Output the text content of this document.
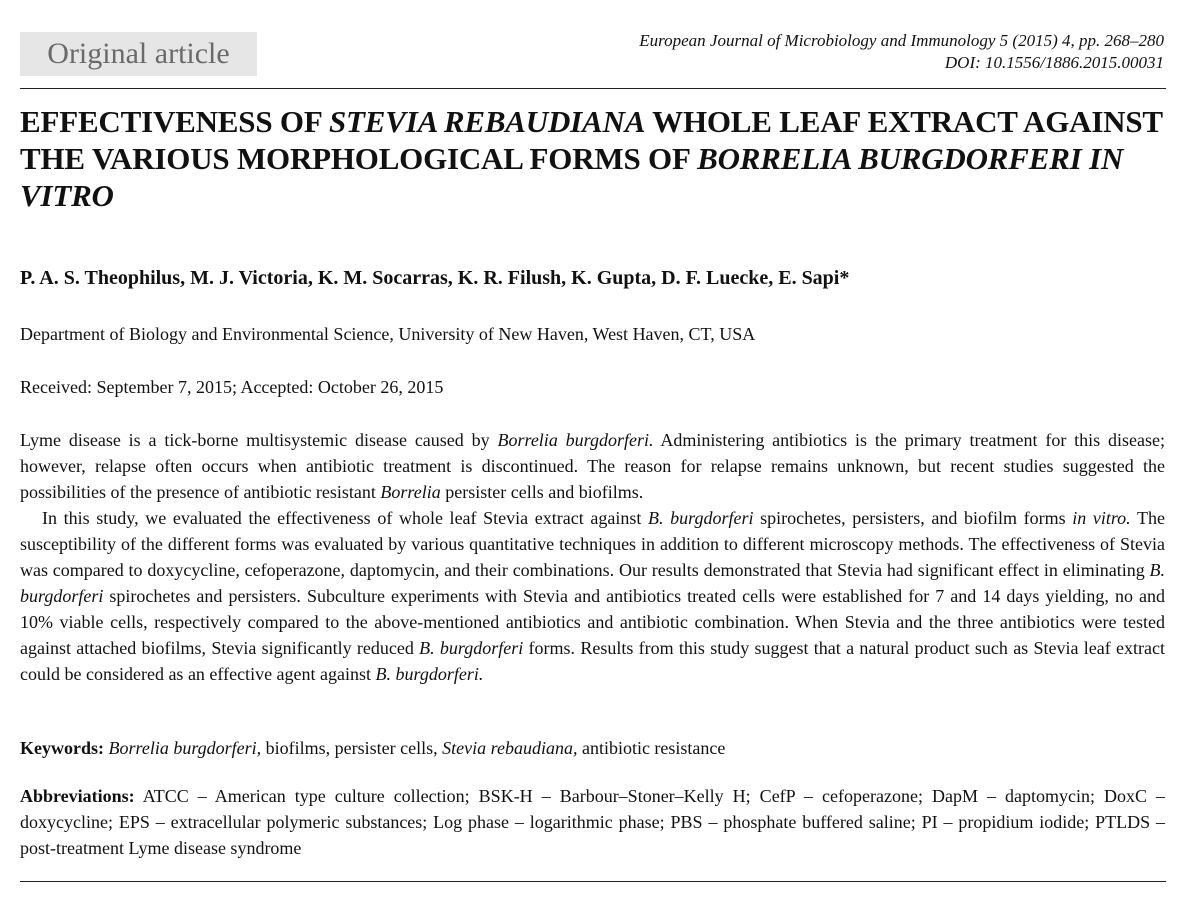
Original article	European Journal of Microbiology and Immunology 5 (2015) 4, pp. 268–280
DOI: 10.1556/1886.2015.00031
EFFECTIVENESS OF STEVIA REBAUDIANA WHOLE LEAF EXTRACT AGAINST THE VARIOUS MORPHOLOGICAL FORMS OF BORRELIA BURGDORFERI IN VITRO
P. A. S. Theophilus, M. J. Victoria, K. M. Socarras, K. R. Filush, K. Gupta, D. F. Luecke, E. Sapi*
Department of Biology and Environmental Science, University of New Haven, West Haven, CT, USA
Received: September 7, 2015; Accepted: October 26, 2015

Lyme disease is a tick-borne multisystemic disease caused by Borrelia burgdorferi. Administering antibiotics is the primary treatment for this disease; however, relapse often occurs when antibiotic treatment is discontinued. The reason for relapse remains unknown, but recent studies suggested the possibilities of the presence of antibiotic resistant Borrelia persister cells and biofilms.

In this study, we evaluated the effectiveness of whole leaf Stevia extract against B. burgdorferi spirochetes, persisters, and biofilm forms in vitro. The susceptibility of the different forms was evaluated by various quantitative techniques in addition to different microscopy methods. The effectiveness of Stevia was compared to doxycycline, cefoperazone, daptomycin, and their combinations. Our results demonstrated that Stevia had significant effect in eliminating B. burgdorferi spirochetes and persisters. Subculture experiments with Stevia and antibiotics treated cells were established for 7 and 14 days yielding, no and 10% viable cells, respectively compared to the above-mentioned antibiotics and antibiotic combination. When Stevia and the three antibiotics were tested against attached biofilms, Stevia significantly reduced B. burgdorferi forms. Results from this study suggest that a natural product such as Stevia leaf extract could be considered as an effective agent against B. burgdorferi.

Keywords: Borrelia burgdorferi, biofilms, persister cells, Stevia rebaudiana, antibiotic resistance
Abbreviations: ATCC – American type culture collection; BSK-H – Barbour–Stoner–Kelly H; CefP – cefoperazone; DapM – daptomycin; DoxC – doxycycline; EPS – extracellular polymeric substances; Log phase – logarithmic phase; PBS – phosphate buffered saline; PI – propidium iodide; PTLDS – post-treatment Lyme disease syndrome
